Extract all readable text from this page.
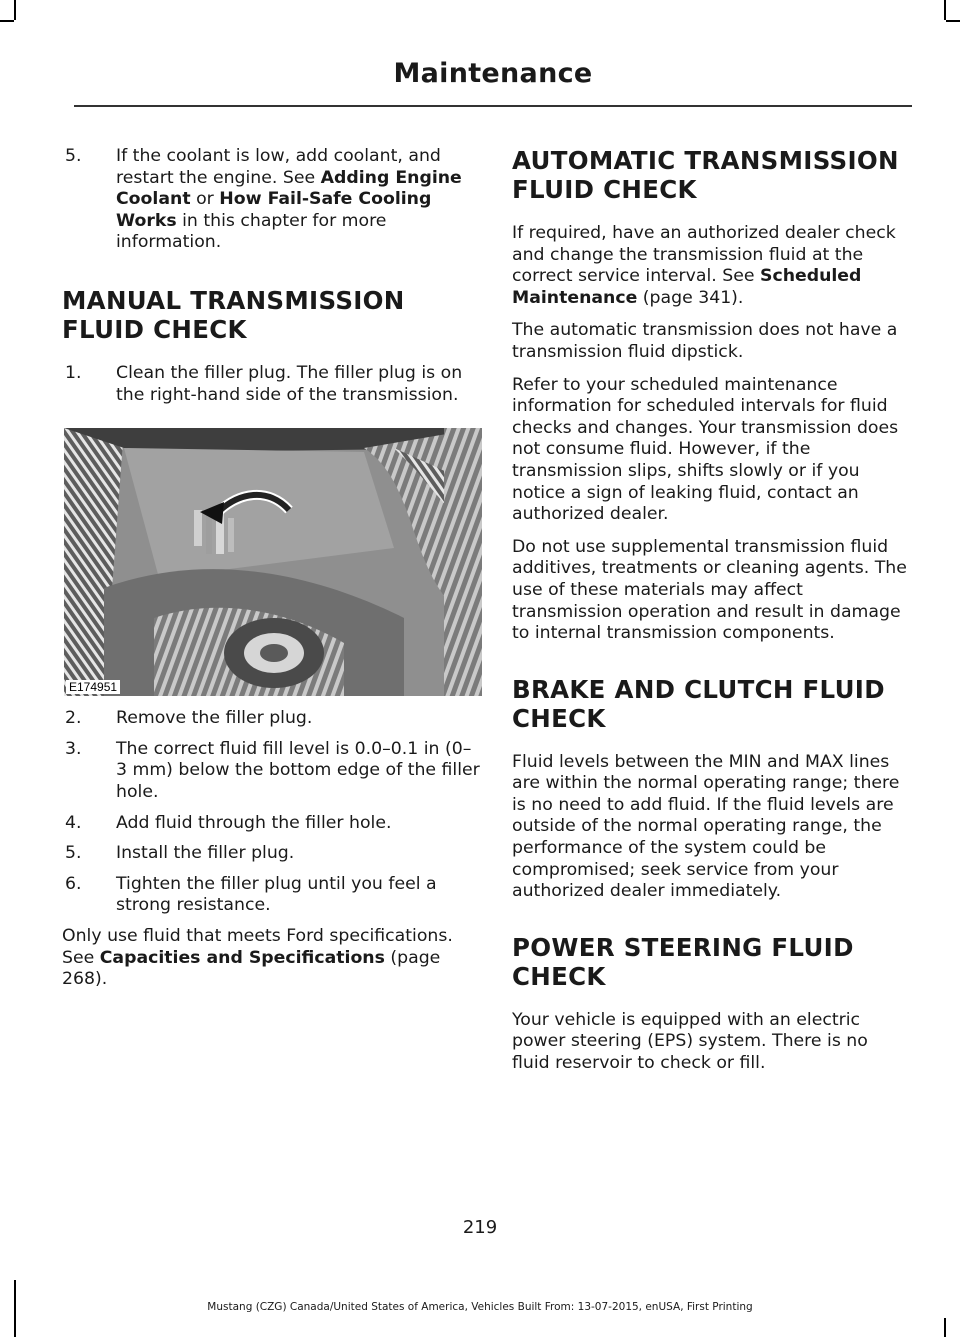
Maintenance
5. If the coolant is low, add coolant, and restart the engine. See Adding Engine Coolant or How Fail-Safe Cooling Works in this chapter for more information.
MANUAL TRANSMISSION
FLUID CHECK
1. Clean the filler plug. The filler plug is on the right-hand side of the transmission.
E174951
2. Remove the filler plug.
3. The correct fluid fill level is 0.0–0.1 in (0–3 mm) below the bottom edge of the filler hole.
4. Add fluid through the filler hole.
5. Install the filler plug.
6. Tighten the filler plug until you feel a strong resistance.

Only use fluid that meets Ford specifications. See Capacities and Specifications (page 268).

AUTOMATIC TRANSMISSION
FLUID CHECK

If required, have an authorized dealer check and change the transmission fluid at the correct service interval. See Scheduled Maintenance (page 341).

The automatic transmission does not have a transmission fluid dipstick.

Refer to your scheduled maintenance information for scheduled intervals for fluid checks and changes. Your transmission does not consume fluid. However, if the transmission slips, shifts slowly or if you notice a sign of leaking fluid, contact an authorized dealer.

Do not use supplemental transmission fluid additives, treatments or cleaning agents. The use of these materials may affect transmission operation and result in damage to internal transmission components.

BRAKE AND CLUTCH FLUID
CHECK

Fluid levels between the MIN and MAX lines are within the normal operating range; there is no need to add fluid. If the fluid levels are outside of the normal operating range, the performance of the system could be compromised; seek service from your authorized dealer immediately.

POWER STEERING FLUID
CHECK

Your vehicle is equipped with an electric power steering (EPS) system. There is no fluid reservoir to check or fill.

219
Mustang (CZG) Canada/United States of America, Vehicles Built From: 13-07-2015, enUSA, First Printing
